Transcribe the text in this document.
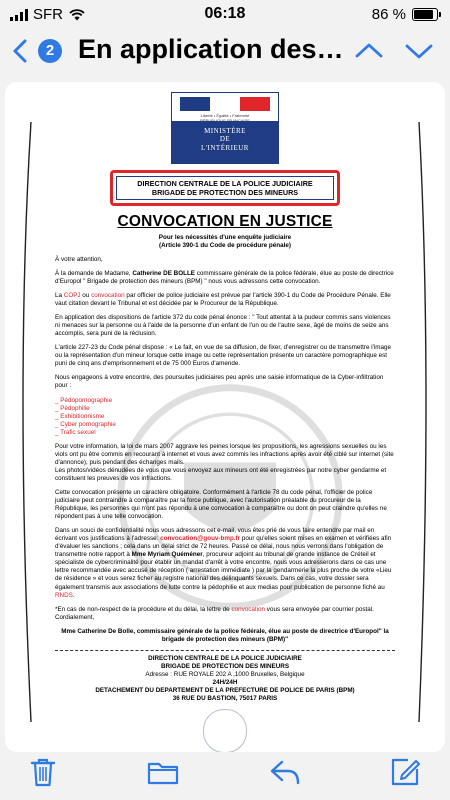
SFR	06:18	86 %
2 En application des…
Liberté • Égalité • Fraternité

MINISTÈRE
DE
L'INTÉRIEUR
DIRECTION CENTRALE DE LA POLICE JUDICIAIRE
BRIGADE DE PROTECTION DES MINEURS
CONVOCATION EN JUSTICE
Pour les nécessités d'une enquête judiciaire
(Article 390-1 du Code de procédure pénale)

À votre attention,

À la demande de Madame, Catherine DE BOLLE commissaire générale de la police fédérale, élue au poste de directrice d'Europol " Brigade de protection des mineurs (BPM) " nous vous adressons cette convocation.

La COPJ ou convocation par officier de police judiciaire est prévue par l'article 390-1 du Code de Procédure Pénale. Elle vaut citation devant le Tribunal et est décidée par le Procureur de la République.

En application des dispositions de l'article 372 du code pénal énonce : " Tout attentat à la pudeur commis sans violences ni menaces sur la personne ou à l'aide de la personne d'un enfant de l'un ou de l'autre sexe, âgé de moins de seize ans accomplis, sera puni de la réclusion.

L'article 227-23 du Code pénal dispose : « Le fait, en vue de sa diffusion, de fixer, d'enregistrer ou de transmettre l'image ou la représentation d'un mineur lorsque cette image ou cette représentation présente un caractère pornographique est puni de cinq ans d'emprisonnement et de 75 000 Euros d'amende.

Nous engageons à votre encontre, des poursuites judiciaires peu après une saisie informatique de la Cyber-infiltration pour :

_ Pédopornographie
_ Pédophilie
_ Exhibitionnisme
_ Cyber pornographie
_ Trafic sexuel

Pour votre information, la loi de mars 2007 aggrave les peines lorsque les propositions, les agressions sexuelles ou les viols ont pu être commis en recourant à internet et vous avez commis les infractions après avoir été ciblé sur internet (site d'annonce), puis pendant des échanges mails.
Les photos/vidéos dénudées de vous que vous envoyez aux mineurs ont été enregistrées par notre cyber gendarme et constituent les preuves de vos infractions.

Cette convocation présente un caractère obligatoire. Conformément à l'article 78 du code pénal, l'officier de police judiciaire peut contraindre à comparaître par la force publique, avec l'autorisation préalable du procureur de la République, les personnes qui n'ont pas répondu à une convocation à comparaître ou dont on peut craindre qu'elles ne répondent pas à une telle convocation.

Dans un souci de confidentialité nous vous adressons cet e-mail, vous êtes prié de vous faire entendre par mail en écrivant vos justifications à l'adresse: convocation@gouv-bmp.fr pour qu'elles soient mises en examen et vérifiées afin d'évaluer les sanctions ; cela dans un délai strict de 72 heures. Passé ce délai, nous nous verrons dans l'obligation de transmettre notre rapport à Mme Myriam Quéméner, procureur adjoint au tribunal de grande instance de Créteil et spécialiste de cybercriminalité pour établir un mandat d'arrêt à votre encontre, nous vous adresserons dans ce cas une lettre recommandée avec accusé de réception ( arrestation immédiate ) par la gendarmerie la plus proche de votre «Lieu de résidence » et vous serez ficher au registre national des délinquants sexuels. Dans ce cas, votre dossier sera également transmis aux associations de lutte contre la pédophilie et aux medias pour publication de personne fiché au RNDS.

*En cas de non-respect de la procédure et du délai, la lettre de convocation vous sera envoyée par courrier postal.
Cordialement,

Mme Catherine De Bolle, commissaire générale de la police fédérale, élue au poste de directrice d'Europol" la brigade de protection des mineurs (BPM)"

DIRECTION CENTRALE DE LA POLICE JUDICIAIRE
BRIGADE DE PROTECTION DES MINEURS
Adresse : RUE ROYALE 202 A ,1000 Bruxelles, Belgique
24H/24H
DETACHEMENT DU DEPARTEMENT DE LA PREFECTURE DE POLICE DE PARIS (BPM)
36 RUE DU BASTION, 75017 PARIS
